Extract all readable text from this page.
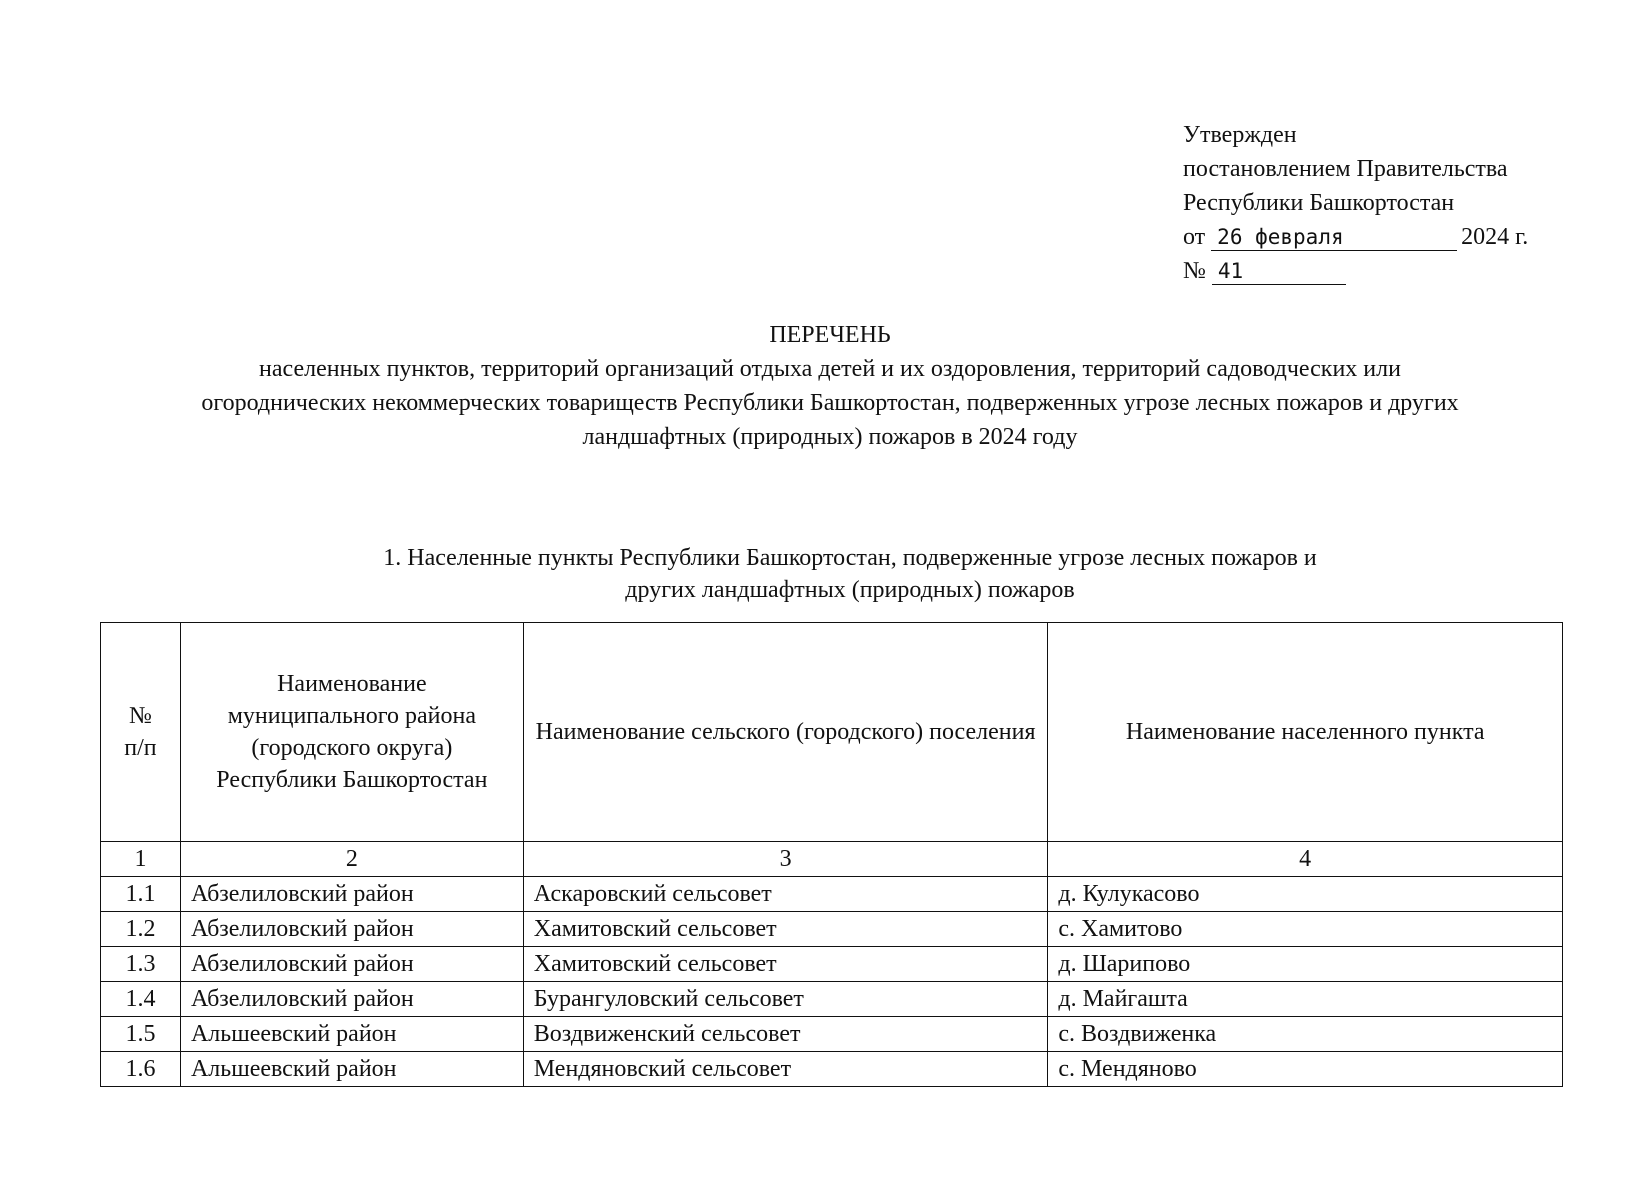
Утвержден
постановлением Правительства
Республики Башкортостан
от 26 февраля	2024 г.
№ 41
ПЕРЕЧЕНЬ
населенных пунктов, территорий организаций отдыха детей и их оздоровления, территорий садоводческих или
огороднических некоммерческих товариществ Республики Башкортостан, подверженных угрозе лесных пожаров и других
ландшафтных (природных) пожаров в 2024 году
1. Населенные пункты Республики Башкортостан, подверженные угрозе лесных пожаров и
других ландшафтных (природных) пожаров
№
п/п	Наименование муниципального района (городского округа) Республики Башкортостан	Наименование сельского (городского) поселения	Наименование населенного пункта
1	2	3	4
1.1	Абзелиловский район	Аскаровский сельсовет	д. Кулукасово
1.2	Абзелиловский район	Хамитовский сельсовет	с. Хамитово
1.3	Абзелиловский район	Хамитовский сельсовет	д. Шарипово
1.4	Абзелиловский район	Бурангуловский сельсовет	д. Майгашта
1.5	Альшеевский район	Воздвиженский сельсовет	с. Воздвиженка
1.6	Альшеевский район	Мендяновский сельсовет	с. Мендяново
